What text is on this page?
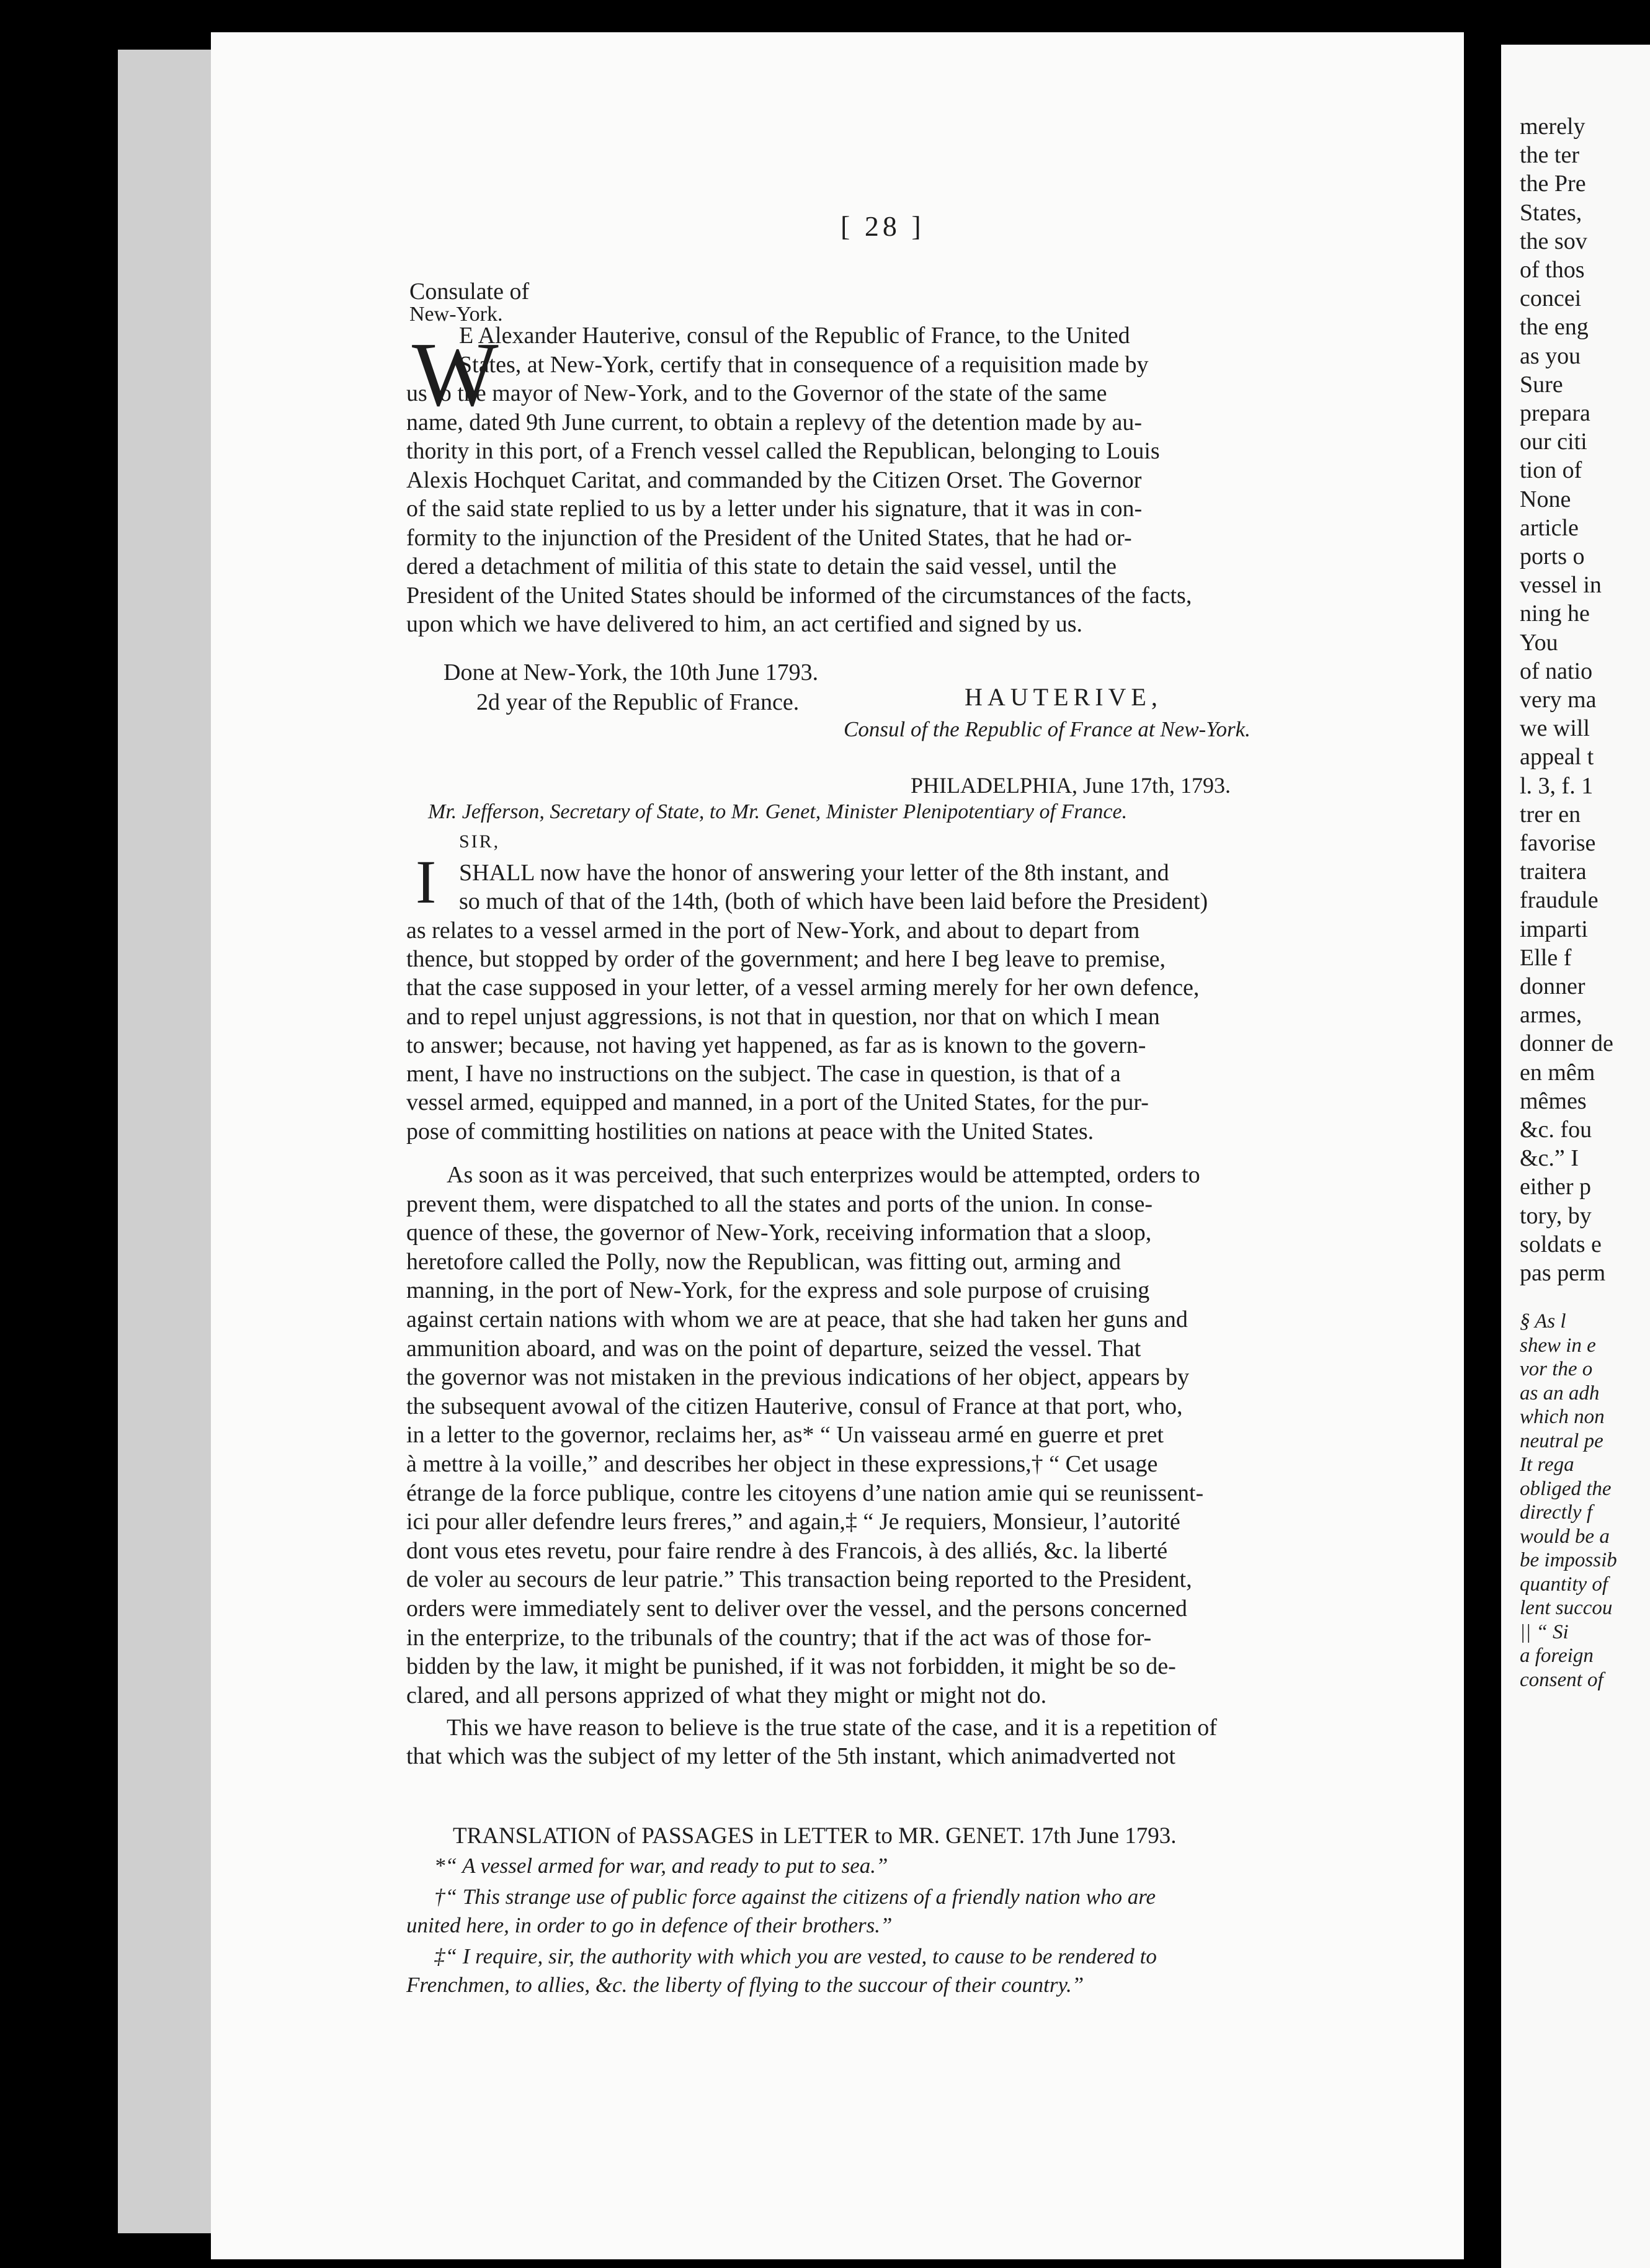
[ 28 ]
Consulate of
New-York.
W
E Alexander Hauterive, consul of the Republic of France, to the United
States, at New-York, certify that in consequence of a requisition made by
us to the mayor of New-York, and to the Governor of the state of the same
name, dated 9th June current, to obtain a replevy of the detention made by au-
thority in this port, of a French vessel called the Republican, belonging to Louis
Alexis Hochquet Caritat, and commanded by the Citizen Orset. The Governor
of the said state replied to us by a letter under his signature, that it was in con-
formity to the injunction of the President of the United States, that he had or-
dered a detachment of militia of this state to detain the said vessel, until the
President of the United States should be informed of the circumstances of the facts,
upon which we have delivered to him, an act certified and signed by us.
Done at New-York, the 10th June 1793.
2d year of the Republic of France.	HAUTERIVE,
Consul of the Republic of France at New-York.
PHILADELPHIA, June 17th, 1793.
Mr. Jefferson, Secretary of State, to Mr. Genet, Minister Plenipotentiary of France.
SIR,
I SHALL now have the honor of answering your letter of the 8th instant, and
so much of that of the 14th, (both of which have been laid before the President)
as relates to a vessel armed in the port of New-York, and about to depart from
thence, but stopped by order of the government; and here I beg leave to premise,
that the case supposed in your letter, of a vessel arming merely for her own defence,
and to repel unjust aggressions, is not that in question, nor that on which I mean
to answer; because, not having yet happened, as far as is known to the govern-
ment, I have no instructions on the subject. The case in question, is that of a
vessel armed, equipped and manned, in a port of the United States, for the pur-
pose of committing hostilities on nations at peace with the United States.
As soon as it was perceived, that such enterprizes would be attempted, orders to
prevent them, were dispatched to all the states and ports of the union. In conse-
quence of these, the governor of New-York, receiving information that a sloop,
heretofore called the Polly, now the Republican, was fitting out, arming and
manning, in the port of New-York, for the express and sole purpose of cruising
against certain nations with whom we are at peace, that she had taken her guns and
ammunition aboard, and was on the point of departure, seized the vessel. That
the governor was not mistaken in the previous indications of her object, appears by
the subsequent avowal of the citizen Hauterive, consul of France at that port, who,
in a letter to the governor, reclaims her, as* “ Un vaisseau armé en guerre et pret
à mettre à la voille,” and describes her object in these expressions,† “ Cet usage
étrange de la force publique, contre les citoyens d’une nation amie qui se reunissent-
ici pour aller defendre leurs freres,” and again,‡ “ Je requiers, Monsieur, l’autorité
dont vous etes revetu, pour faire rendre à des Francois, à des alliés, &c. la liberté
de voler au secours de leur patrie.” This transaction being reported to the President,
orders were immediately sent to deliver over the vessel, and the persons concerned
in the enterprize, to the tribunals of the country; that if the act was of those for-
bidden by the law, it might be punished, if it was not forbidden, it might be so de-
clared, and all persons apprized of what they might or might not do.
This we have reason to believe is the true state of the case, and it is a repetition of
that which was the subject of my letter of the 5th instant, which animadverted not
TRANSLATION of PASSAGES in LETTER to MR. GENET. 17th June 1793.
*“ A vessel armed for war, and ready to put to sea.”
†“ This strange use of public force against the citizens of a friendly nation who are
united here, in order to go in defence of their brothers.”
‡“ I require, sir, the authority with which you are vested, to cause to be rendered to
Frenchmen, to allies, &c. the liberty of flying to the succour of their country.”
merely
the ter
the Pre
States,
the sov
of thos
concei
the eng
as you
Sure
prepara
our citi
tion of
None
article
ports o
vessel in
ning he
You
of natio
very ma
we will
appeal t
l. 3, f. 1
trer en
favorise
traitera
fraudule
imparti
Elle f
donner
armes,
donner de
en mêm
mêmes
&c. fou
&c.” I
either p
tory, by
soldats e
pas perm
§ As l
shew in e
vor the o
as an adh
which non
neutral pe
It rega
obliged the
directly f
would be a
be impossib
quantity of
lent succou
|| “ Si
a foreign
consent of
